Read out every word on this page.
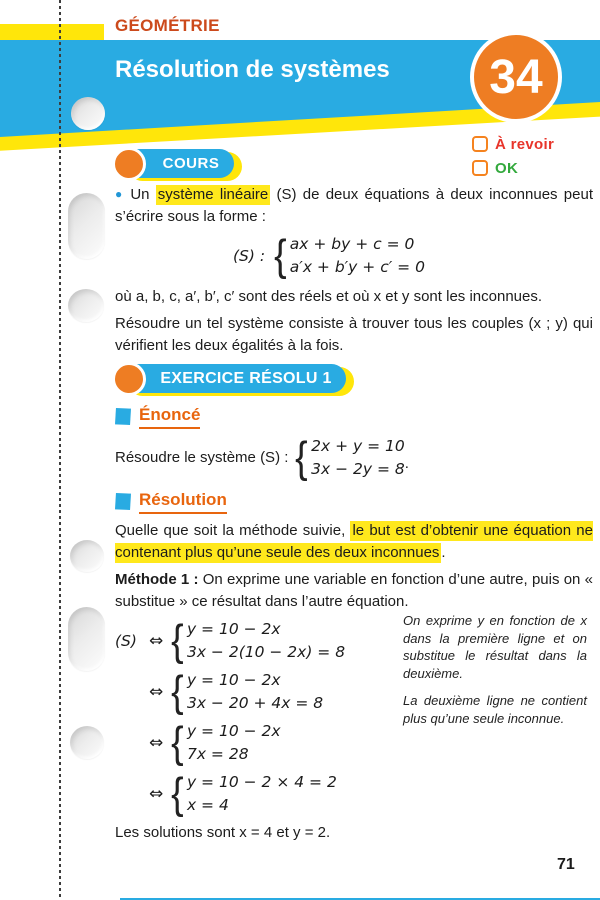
GÉOMÉTRIE
Résolution de systèmes 34
À revoir
OK
COURS

● Un système linéaire (S) de deux équations à deux inconnues peut s’écrire sous la forme :

(S) : { ax + by + c = 0
a′x + b′y + c′ = 0

où a, b, c, a′, b′, c′ sont des réels et où x et y sont les inconnues.

Résoudre un tel système consiste à trouver tous les couples (x ; y) qui vérifient les deux égalités à la fois.

EXERCICE RÉSOLU 1
Énoncé
Résoudre le système (S) : { 2x + y = 10
3x − 2y = 8 .
Résolution

Quelle que soit la méthode suivie, le but est d’obtenir une équation ne contenant plus qu’une seule des deux inconnues .

Méthode 1 : On exprime une variable en fonction d’une autre, puis on « substitue » ce résultat dans l’autre équation.

(S) ⇔ { y = 10 − 2x
3x − 2(10 − 2x) = 8
⇔ { y = 10 − 2x
3x − 20 + 4x = 8
⇔ { y = 10 − 2x
7x = 28
⇔ { y = 10 − 2 × 4 = 2
x = 4

On exprime y en fonction de x dans la première ligne et on substitue le résultat dans la deuxième.

La deuxième ligne ne contient plus qu’une seule inconnue.

Les solutions sont x = 4 et y = 2.

71
